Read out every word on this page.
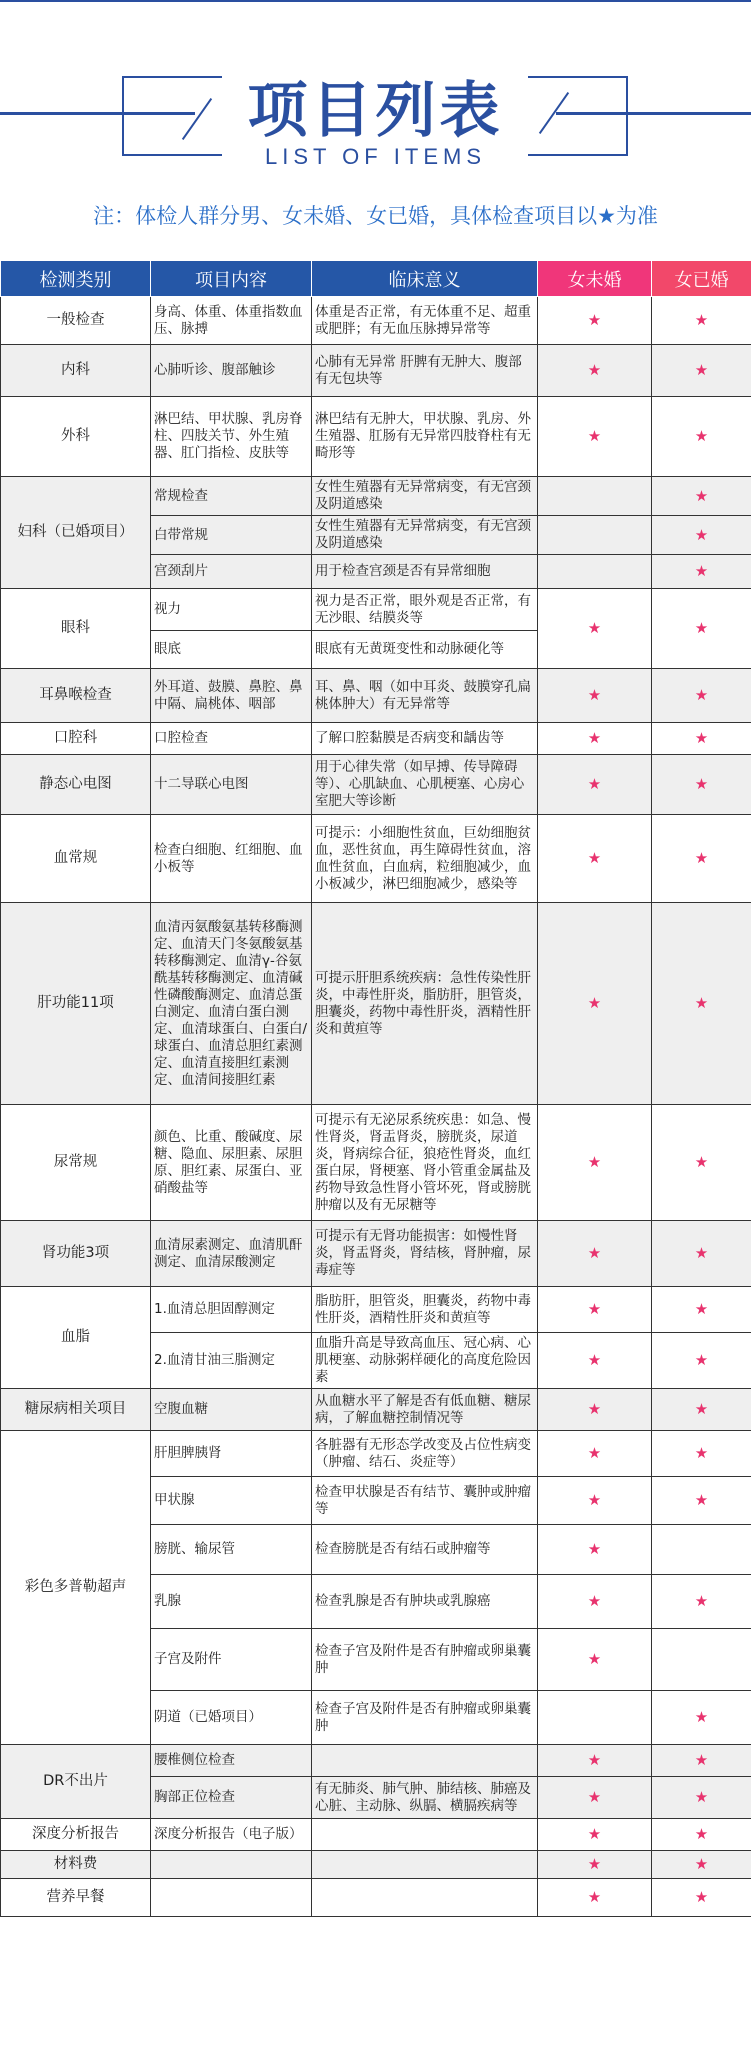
项目列表
LIST OF ITEMS
注：体检人群分男、女未婚、女已婚，具体检查项目以★为准
检测类别	项目内容	临床意义	女未婚	女已婚
一般检查	身高、体重、体重指数血压、脉搏	体重是否正常，有无体重不足、超重或肥胖；有无血压脉搏异常等	★	★
内科	心肺听诊、腹部触诊	心肺有无异常 肝脾有无肿大、腹部有无包块等	★	★
外科	淋巴结、甲状腺、乳房脊柱、四肢关节、外生殖器、肛门指检、皮肤等	淋巴结有无肿大，甲状腺、乳房、外生殖器、肛肠有无异常四肢脊柱有无畸形等	★	★
妇科（已婚项目）	常规检查	女性生殖器有无异常病变，有无宫颈及阴道感染		★
	白带常规	女性生殖器有无异常病变，有无宫颈及阴道感染		★
	宫颈刮片	用于检查宫颈是否有异常细胞		★
眼科	视力	视力是否正常，眼外观是否正常，有无沙眼、结膜炎等	★	★
	眼底	眼底有无黄斑变性和动脉硬化等		
耳鼻喉检查	外耳道、鼓膜、鼻腔、鼻中隔、扁桃体、咽部	耳、鼻、咽（如中耳炎、鼓膜穿孔扁桃体肿大）有无异常等	★	★
口腔科	口腔检查	了解口腔黏膜是否病变和龋齿等	★	★
静态心电图	十二导联心电图	用于心律失常（如早搏、传导障碍等）、心肌缺血、心肌梗塞、心房心室肥大等诊断	★	★
血常规	检查白细胞、红细胞、血小板等	可提示：小细胞性贫血，巨幼细胞贫血，恶性贫血，再生障碍性贫血，溶血性贫血，白血病，粒细胞减少，血小板减少，淋巴细胞减少，感染等	★	★
肝功能11项	血清丙氨酸氨基转移酶测定、血清天门冬氨酸氨基转移酶测定、血清γ-谷氨酰基转移酶测定、血清碱性磷酸酶测定、血清总蛋白测定、血清白蛋白测定、血清球蛋白、白蛋白/球蛋白、血清总胆红素测定、血清直接胆红素测定、血清间接胆红素	可提示肝胆系统疾病：急性传染性肝炎，中毒性肝炎，脂肪肝，胆管炎，胆囊炎，药物中毒性肝炎，酒精性肝炎和黄疸等	★	★
尿常规	颜色、比重、酸碱度、尿糖、隐血、尿胆素、尿胆原、胆红素、尿蛋白、亚硝酸盐等	可提示有无泌尿系统疾患：如急、慢性肾炎，肾盂肾炎，膀胱炎，尿道炎，肾病综合征，狼疮性肾炎，血红蛋白尿，肾梗塞、肾小管重金属盐及药物导致急性肾小管坏死，肾或膀胱肿瘤以及有无尿糖等	★	★
肾功能3项	血清尿素测定、血清肌酐测定、血清尿酸测定	可提示有无肾功能损害：如慢性肾炎，肾盂肾炎，肾结核，肾肿瘤，尿毒症等	★	★
血脂	1.血清总胆固醇测定	脂肪肝，胆管炎，胆囊炎，药物中毒性肝炎，酒精性肝炎和黄疸等	★	★
	2.血清甘油三脂测定	血脂升高是导致高血压、冠心病、心肌梗塞、动脉粥样硬化的高度危险因素	★	★
糖尿病相关项目	空腹血糖	从血糖水平了解是否有低血糖、糖尿病，了解血糖控制情况等	★	★
彩色多普勒超声	肝胆脾胰肾	各脏器有无形态学改变及占位性病变（肿瘤、结石、炎症等）	★	★
	甲状腺	检查甲状腺是否有结节、囊肿或肿瘤等	★	★
	膀胱、输尿管	检查膀胱是否有结石或肿瘤等	★	
	乳腺	检查乳腺是否有肿块或乳腺癌	★	★
	子宫及附件	检查子宫及附件是否有肿瘤或卵巢囊肿	★	
	阴道（已婚项目）	检查子宫及附件是否有肿瘤或卵巢囊肿		★
DR不出片	腰椎侧位检查		★	★
	胸部正位检查	有无肺炎、肺气肿、肺结核、肺癌及心脏、主动脉、纵膈、横膈疾病等	★	★
深度分析报告	深度分析报告（电子版）		★	★
材料费			★	★
营养早餐			★	★
